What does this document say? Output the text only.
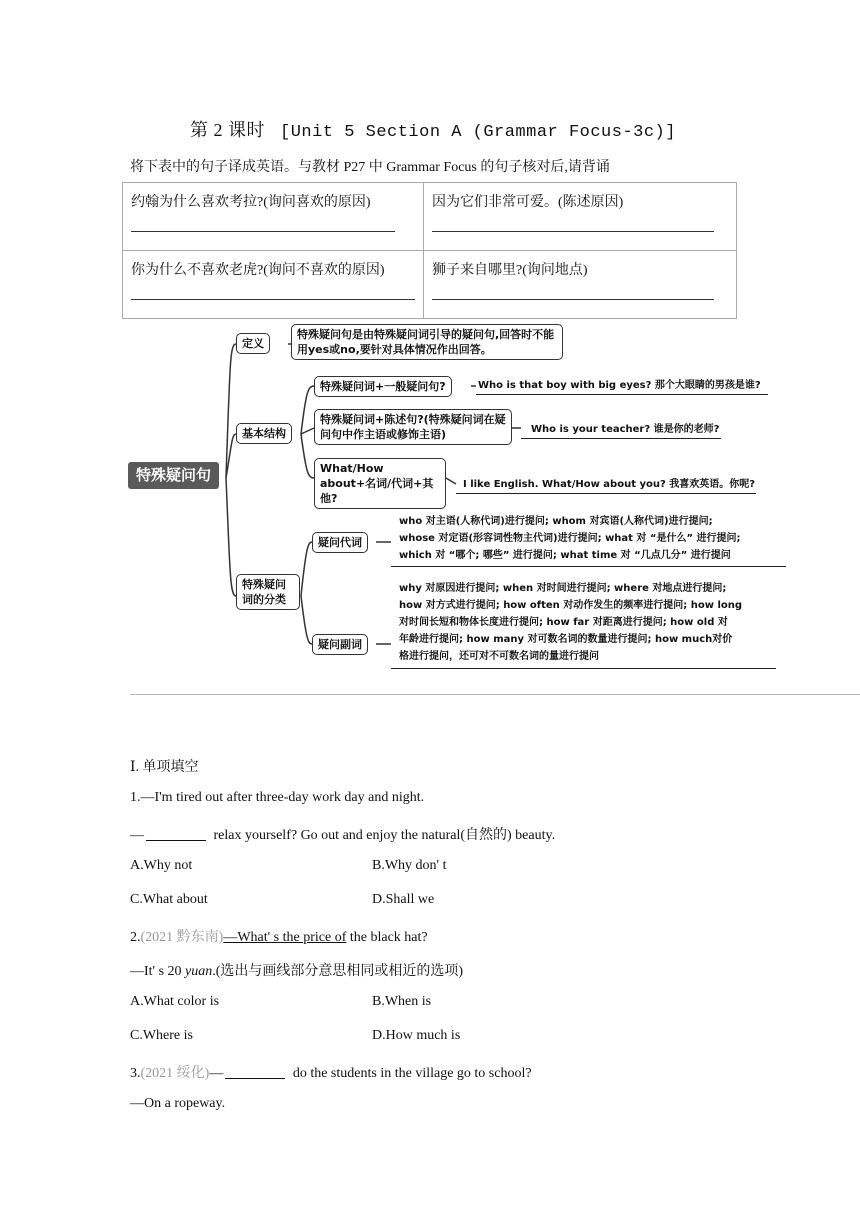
第 2 课时 [Unit 5 Section A (Grammar Focus-3c)]
将下表中的句子译成英语。与教材 P27 中 Grammar Focus 的句子核对后,请背诵
约翰为什么喜欢考拉?(询问喜欢的原因)	因为它们非常可爱。(陈述原因)

你为什么不喜欢老虎?(询问不喜欢的原因)	狮子来自哪里?(询问地点)
特殊疑问句
定义
特殊疑问句是由特殊疑问词引导的疑问句,回答时不能用yes或no,要针对具体情况作出回答。
基本结构
特殊疑问词+一般疑问句?	Who is that boy with big eyes? 那个大眼睛的男孩是谁?
特殊疑问词+陈述句?(特殊疑问词在疑问句中作主语或修饰主语)	Who is your teacher? 谁是你的老师?
What/How about+名词/代词+其他?
I like English. What/How about you? 我喜欢英语。你呢?
特殊疑问词的分类
疑问代词
who 对主语(人称代词)进行提问; whom 对宾语(人称代词)进行提问;
whose 对定语(形容词性物主代词)进行提问; what 对 “是什么” 进行提问;
which 对 “哪个; 哪些” 进行提问; what time 对 “几点几分” 进行提问
疑问副词
why 对原因进行提问; when 对时间进行提问; where 对地点进行提问;
how 对方式进行提问; how often 对动作发生的频率进行提问; how long
对时间长短和物体长度进行提问; how far 对距离进行提问; how old 对
年龄进行提问; how many 对可数名词的数量进行提问; how much对价
格进行提问，还可对不可数名词的量进行提问
Ⅰ. 单项填空
1.—I'm tired out after three-day work day and night.
—	relax yourself? Go out and enjoy the natural(自然的) beauty.
A.Why not	B.Why don' t
C.What about	D.Shall we
2.(2021 黔东南)—What' s the price of the black hat?
—It' s 20 yuan.(选出与画线部分意思相同或相近的选项)
A.What color is	B.When is
C.Where is	D.How much is
3.(2021 绥化)—	do the students in the village go to school?
—On a ropeway.
